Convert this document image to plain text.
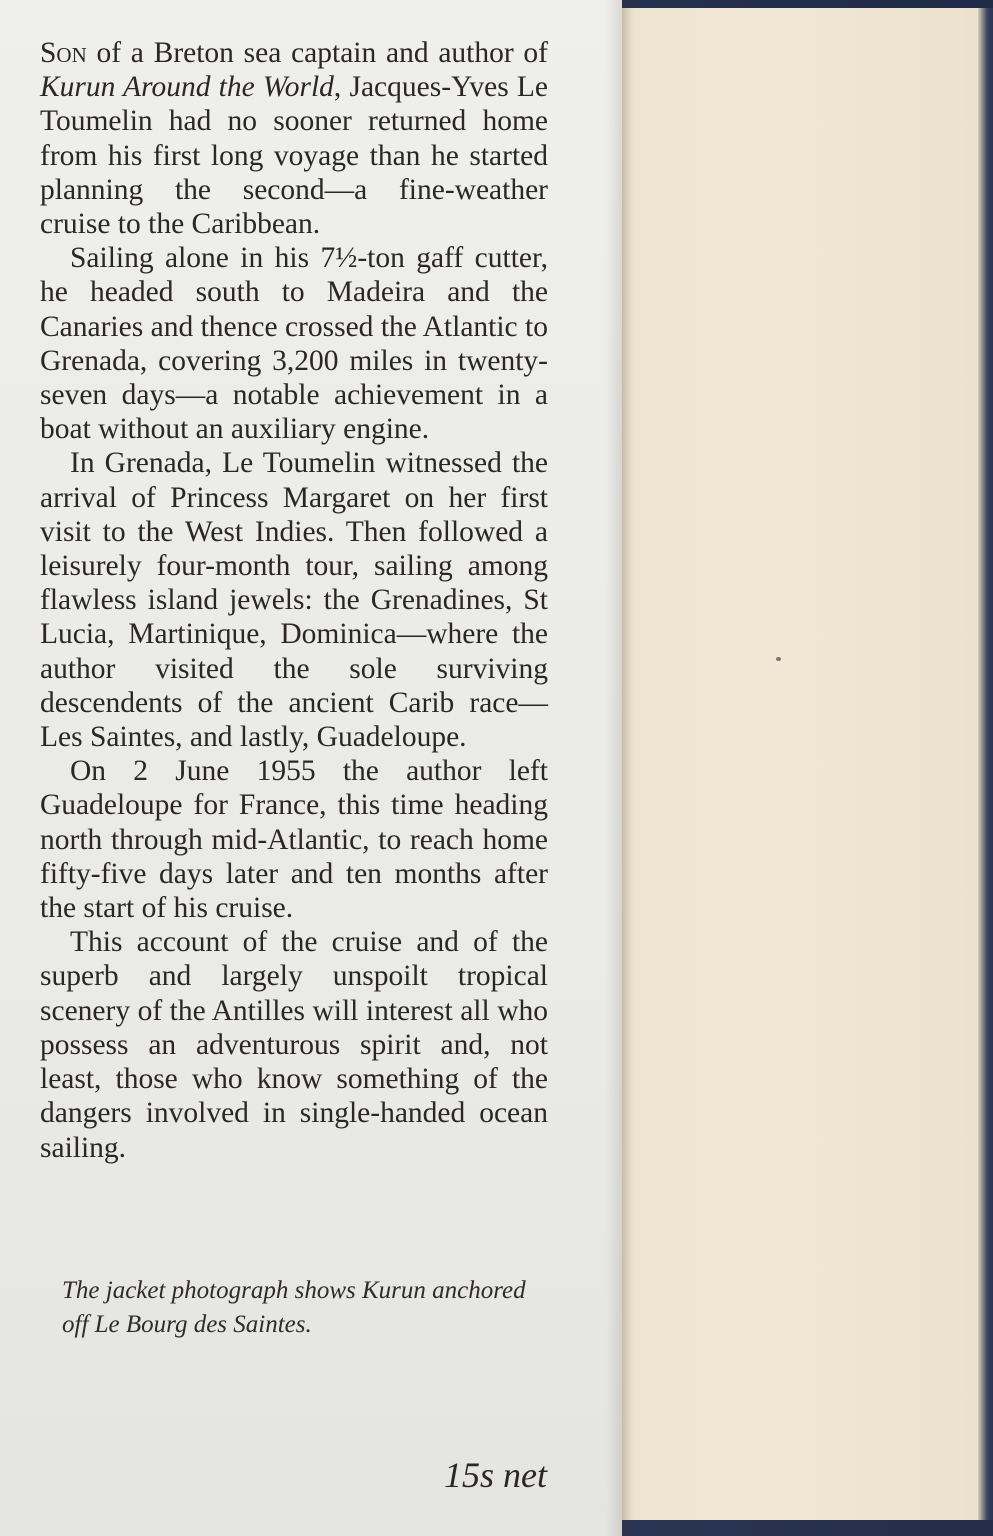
Son of a Breton sea captain and author of Kurun Around the World, Jacques-Yves Le Toumelin had no sooner returned home from his first long voyage than he started planning the second—a fine-weather cruise to the Caribbean.

Sailing alone in his 7½-ton gaff cutter, he headed south to Madeira and the Canaries and thence crossed the Atlantic to Grenada, covering 3,200 miles in twenty-seven days—a notable achievement in a boat without an auxiliary engine.

In Grenada, Le Toumelin witnessed the arrival of Princess Margaret on her first visit to the West Indies. Then followed a leisurely four-month tour, sailing among flawless island jewels: the Grenadines, St Lucia, Martinique, Dominica—where the author visited the sole surviving descendents of the ancient Carib race—Les Saintes, and lastly, Guadeloupe.

On 2 June 1955 the author left Guadeloupe for France, this time heading north through mid-Atlantic, to reach home fifty-five days later and ten months after the start of his cruise.

This account of the cruise and of the superb and largely unspoilt tropical scenery of the Antilles will interest all who possess an adventurous spirit and, not least, those who know something of the dangers involved in single-handed ocean sailing.

The jacket photograph shows Kurun anchored off Le Bourg des Saintes.
15s net
